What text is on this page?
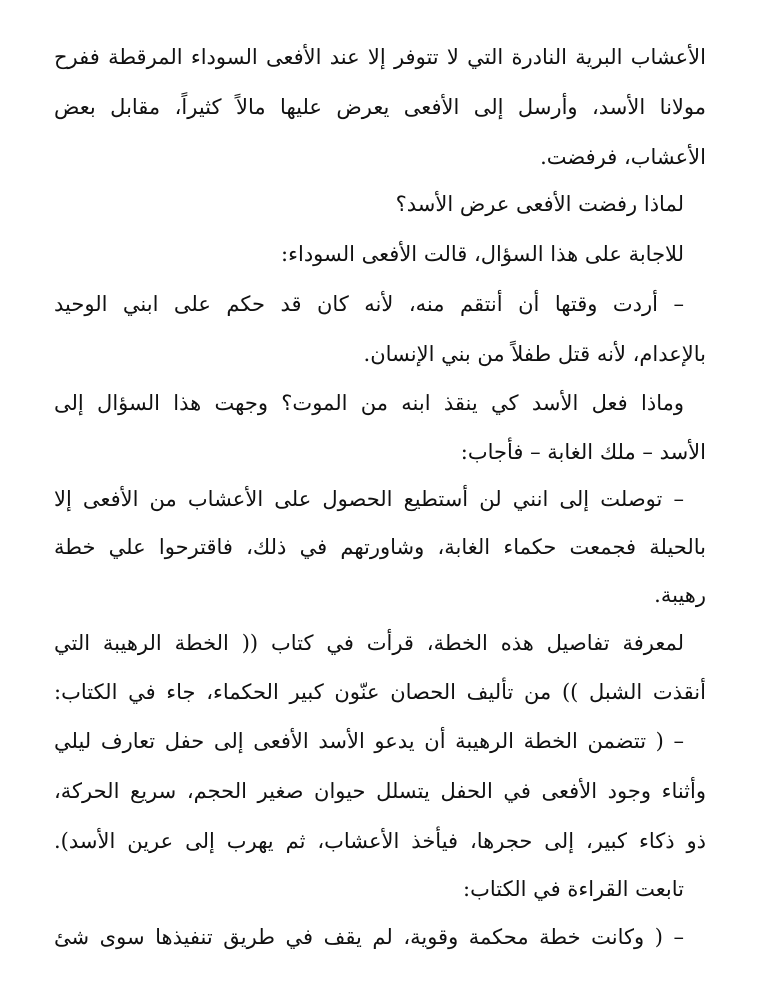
الأعشاب البرية النادرة التي لا تتوفر إلا عند الأفعى السوداء المرقطة ففرح
مولانا الأسد، وأرسل إلى الأفعى يعرض عليها مالاً كثيراً، مقابل بعض
الأعشاب، فرفضت.
لماذا رفضت الأفعى عرض الأسد؟
للاجابة على هذا السؤال، قالت الأفعى السوداء:
– أردت وقتها أن أنتقم منه، لأنه كان قد حكم على ابني الوحيد
بالإعدام، لأنه قتل طفلاً من بني الإنسان.
وماذا فعل الأسد كي ينقذ ابنه من الموت؟ وجهت هذا السؤال إلى
الأسد – ملك الغابة – فأجاب:
– توصلت إلى انني لن أستطيع الحصول على الأعشاب من الأفعى إلا
بالحيلة فجمعت حكماء الغابة، وشاورتهم في ذلك، فاقترحوا علي خطة
رهيبة.
لمعرفة تفاصيل هذه الخطة، قرأت في كتاب (( الخطة الرهيبة التي
أنقذت الشبل )) من تأليف الحصان عنّون كبير الحكماء، جاء في الكتاب:
– ( تتضمن الخطة الرهيبة أن يدعو الأسد الأفعى إلى حفل تعارف ليلي
وأثناء وجود الأفعى في الحفل يتسلل حيوان صغير الحجم، سريع الحركة،
ذو ذكاء كبير، إلى حجرها، فيأخذ الأعشاب، ثم يهرب إلى عرين الأسد).
تابعت القراءة في الكتاب:
– ( وكانت خطة محكمة وقوية، لم يقف في طريق تنفيذها سوى شئ
